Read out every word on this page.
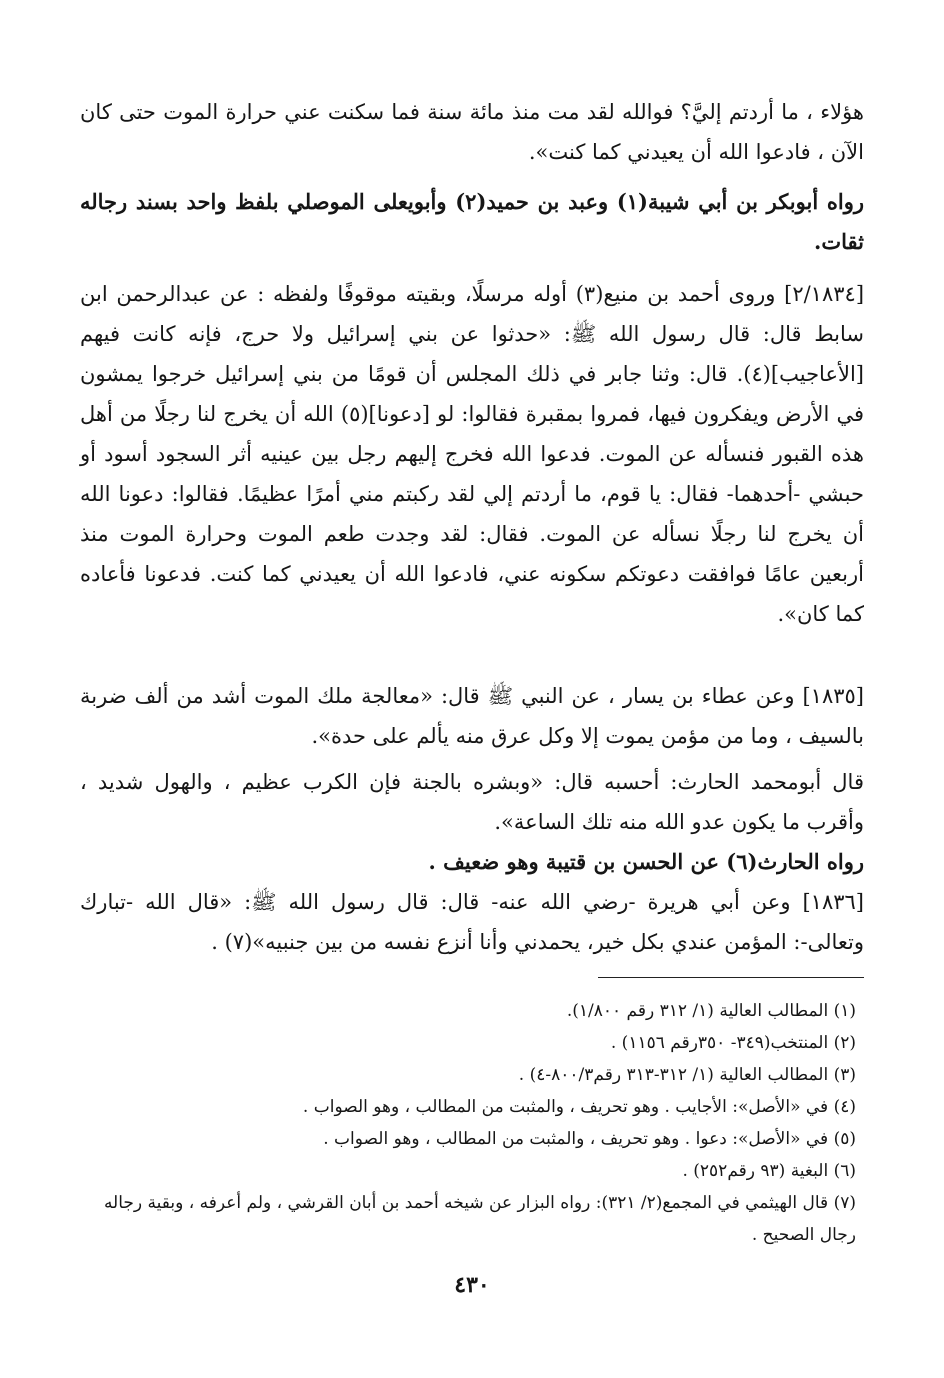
هؤلاء ، ما أردتم إليَّ؟ فوالله لقد مت منذ مائة سنة فما سكنت عني حرارة الموت حتى كان الآن ، فادعوا الله أن يعيدني كما كنت».

رواه أبوبكر بن أبي شيبة(١) وعبد بن حميد(٢) وأبويعلى الموصلي بلفظ واحد بسند رجاله ثقات.

[٢/١٨٣٤] وروى أحمد بن منيع(٣) أوله مرسلًا، وبقيته موقوفًا ولفظه : عن عبدالرحمن ابن سابط قال: قال رسول الله ﷺ: «حدثوا عن بني إسرائيل ولا حرج، فإنه كانت فيهم [الأعاجيب](٤). قال: وثنا جابر في ذلك المجلس أن قومًا من بني إسرائيل خرجوا يمشون في الأرض ويفكرون فيها، فمروا بمقبرة فقالوا: لو [دعونا](٥) الله أن يخرج لنا رجلًا من أهل هذه القبور فنسأله عن الموت. فدعوا الله فخرج إليهم رجل بين عينيه أثر السجود أسود أو حبشي -أحدهما- فقال: يا قوم، ما أردتم إلي لقد ركبتم مني أمرًا عظيمًا. فقالوا: دعونا الله أن يخرج لنا رجلًا نسأله عن الموت. فقال: لقد وجدت طعم الموت وحرارة الموت منذ أربعين عامًا فوافقت دعوتكم سكونه عني، فادعوا الله أن يعيدني كما كنت. فدعونا فأعاده كما كان».

[١٨٣٥] وعن عطاء بن يسار ، عن النبي ﷺ قال: «معالجة ملك الموت أشد من ألف ضربة بالسيف ، وما من مؤمن يموت إلا وكل عرق منه يألم على حدة».

قال أبومحمد الحارث: أحسبه قال: «وبشره بالجنة فإن الكرب عظيم ، والهول شديد ، وأقرب ما يكون عدو الله منه تلك الساعة».

رواه الحارث(٦) عن الحسن بن قتيبة وهو ضعيف .

[١٨٣٦] وعن أبي هريرة -رضي الله عنه- قال: قال رسول الله ﷺ: «قال الله -تبارك وتعالى-: المؤمن عندي بكل خير، يحمدني وأنا أنزع نفسه من بين جنبيه»(٧) .

(١) المطالب العالية (١/ ٣١٢ رقم ١/٨٠٠).
(٢) المنتخب(٣٤٩- ٣٥٠رقم ١١٥٦) .
(٣) المطالب العالية (١/ ٣١٢-٣١٣ رقم٨٠٠/٣-٤) .
(٤) في «الأصل»: الأجايب . وهو تحريف ، والمثبت من المطالب ، وهو الصواب .
(٥) في «الأصل»: دعوا . وهو تحريف ، والمثبت من المطالب ، وهو الصواب .
(٦) البغية (٩٣ رقم٢٥٢) .
(٧) قال الهيثمي في المجمع(٢/ ٣٢١): رواه البزار عن شيخه أحمد بن أبان القرشي ، ولم أعرفه ، وبقية رجاله رجال الصحيح .
٤٣٠
